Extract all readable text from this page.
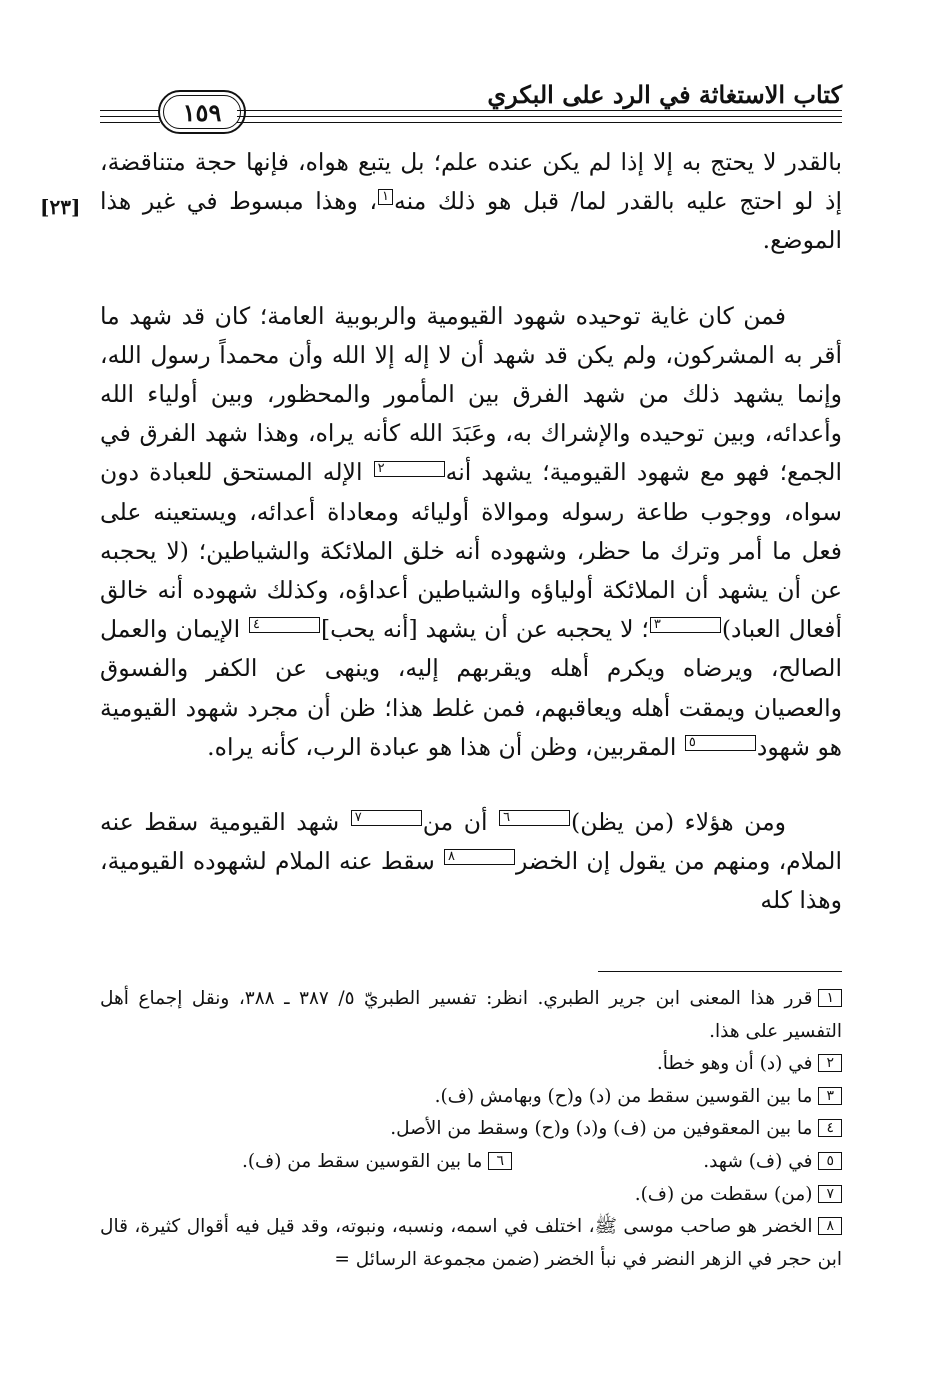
كتاب الاستغاثة في الرد على البكري
١٥٩
[٢٣]

بالقدر لا يحتج به إلا إذا لم يكن عنده علم؛ بل يتبع هواه، فإنها حجة متناقضة، إذ لو احتج عليه بالقدر لما/ قبل هو ذلك منه١، وهذا مبسوط في غير هذا الموضع.

فمن كان غاية توحيده شهود القيومية والربوبية العامة؛ كان قد شهد ما أقر به المشركون، ولم يكن قد شهد أن لا إله إلا الله وأن محمداً رسول الله، وإنما يشهد ذلك من شهد الفرق بين المأمور والمحظور، وبين أولياء الله وأعدائه، وبين توحيده والإشراك به، وعَبَدَ الله كأنه يراه، وهذا شهد الفرق في الجمع؛ فهو مع شهود القيومية؛ يشهد أنه٢ الإله المستحق للعبادة دون سواه، ووجوب طاعة رسوله وموالاة أوليائه ومعاداة أعدائه، ويستعينه على فعل ما أمر وترك ما حظر، وشهوده أنه خلق الملائكة والشياطين؛ (لا يحجبه عن أن يشهد أن الملائكة أولياؤه والشياطين أعداؤه، وكذلك شهوده أنه خالق أفعال العباد)٣؛ لا يحجبه عن أن يشهد [أنه يحب]٤ الإيمان والعمل الصالح، ويرضاه ويكرم أهله ويقربهم إليه، وينهى عن الكفر والفسوق والعصيان ويمقت أهله ويعاقبهم، فمن غلط هذا؛ ظن أن مجرد شهود القيومية هو شهود٥ المقربين، وظن أن هذا هو عبادة الرب، كأنه يراه.

ومن هؤلاء (من يظن)٦ أن من٧ شهد القيومية سقط عنه الملام، ومنهم من يقول إن الخضر٨ سقط عنه الملام لشهوده القيومية، وهذا كله

١قرر هذا المعنى ابن جرير الطبري. انظر: تفسير الطبريّ ٥/ ٣٨٧ ـ ٣٨٨، ونقل إجماع أهل التفسير على هذا.

٢في (د) أن وهو خطأ.

٣ما بين القوسين سقط من (د) و(ح) وبهامش (ف).

٤ما بين المعقوفين من (ف) و(د) و(ح) وسقط من الأصل.

٥في (ف) شهد.

٦ما بين القوسين سقط من (ف).

٧(من) سقطت من (ف).

٨الخضر هو صاحب موسى ﷺ، اختلف في اسمه، ونسبه، ونبوته، وقد قيل فيه أقوال كثيرة، قال ابن حجر في الزهر النضر في نبأ الخضر (ضمن مجموعة الرسائل =
